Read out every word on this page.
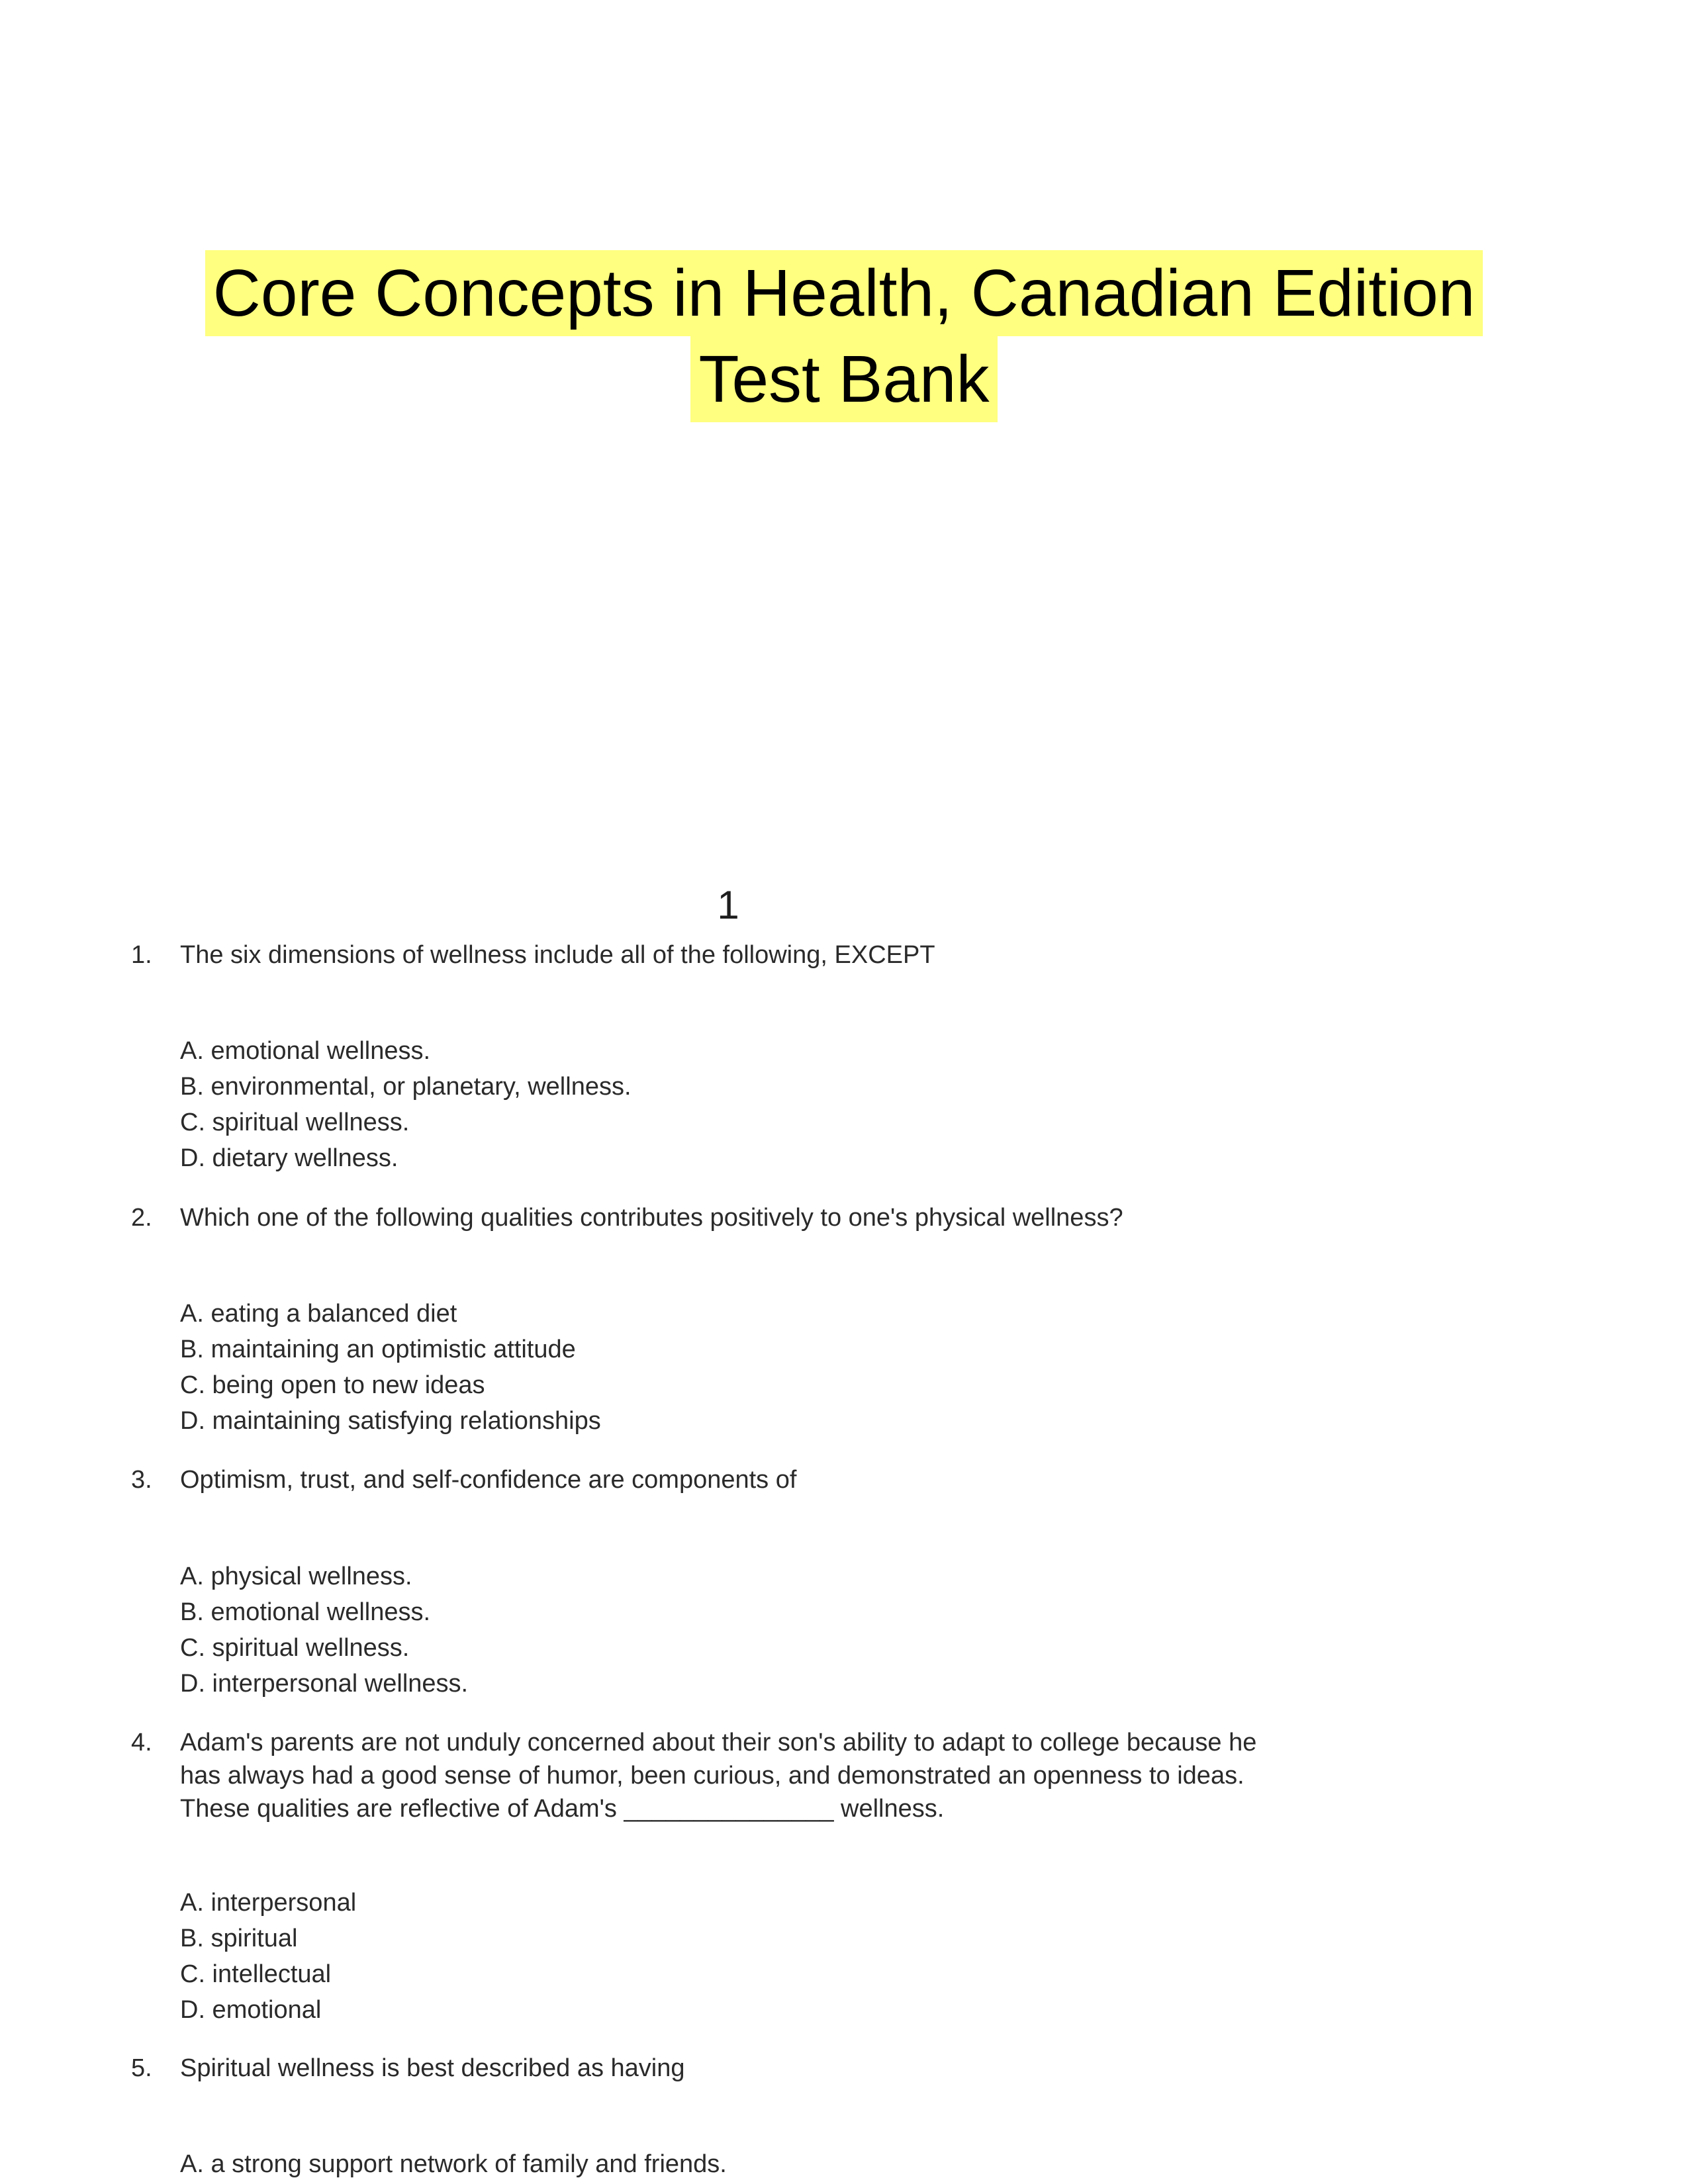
Core Concepts in Health, Canadian Edition
Test Bank
1
1.	The six dimensions of wellness include all of the following, EXCEPT
A. emotional wellness.
B. environmental, or planetary, wellness.
C. spiritual wellness.
D. dietary wellness.
2.	Which one of the following qualities contributes positively to one's physical wellness?
A. eating a balanced diet
B. maintaining an optimistic attitude
C. being open to new ideas
D. maintaining satisfying relationships
3.	Optimism, trust, and self-confidence are components of
A. physical wellness.
B. emotional wellness.
C. spiritual wellness.
D. interpersonal wellness.
4.	Adam's parents are not unduly concerned about their son's ability to adapt to college because he
has always had a good sense of humor, been curious, and demonstrated an openness to ideas.
These qualities are reflective of Adam's _______________ wellness.
A. interpersonal
B. spiritual
C. intellectual
D. emotional
5.	Spiritual wellness is best described as having
A. a strong support network of family and friends.
